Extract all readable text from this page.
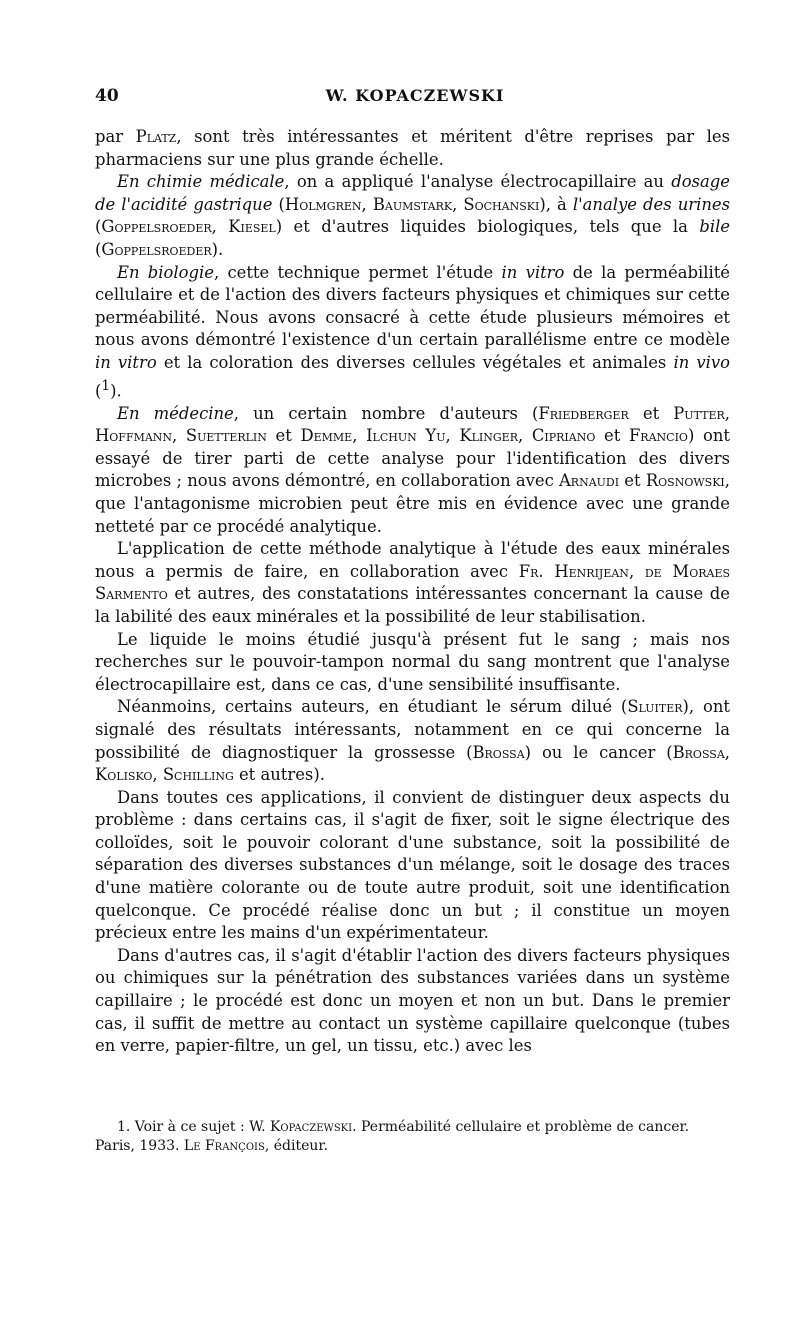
40	W. KOPACZEWSKI

par Platz, sont très intéressantes et méritent d'être reprises par les pharmaciens sur une plus grande échelle.

En chimie médicale, on a appliqué l'analyse électrocapillaire au dosage de l'acidité gastrique (Holmgren, Baumstark, Sochanski), à l'analye des urines (Goppelsroeder, Kiesel) et d'autres liquides biologiques, tels que la bile (Goppelsroeder).

En biologie, cette technique permet l'étude in vitro de la perméabilité cellulaire et de l'action des divers facteurs physiques et chimiques sur cette perméabilité. Nous avons consacré à cette étude plusieurs mémoires et nous avons démontré l'existence d'un certain parallélisme entre ce modèle in vitro et la coloration des diverses cellules végétales et animales in vivo ($^1$).

En médecine, un certain nombre d'auteurs (Friedberger et Putter, Hoffmann, Suetterlin et Demme, Ilchun Yu, Klinger, Cipriano et Francio) ont essayé de tirer parti de cette analyse pour l'identification des divers microbes ; nous avons démontré, en collaboration avec Arnaudi et Rosnowski, que l'antagonisme microbien peut être mis en évidence avec une grande netteté par ce procédé analytique.

L'application de cette méthode analytique à l'étude des eaux minérales nous a permis de faire, en collaboration avec Fr. Henrijean, de Moraes Sarmento et autres, des constatations intéressantes concernant la cause de la labilité des eaux minérales et la possibilité de leur stabilisation.

Le liquide le moins étudié jusqu'à présent fut le sang ; mais nos recherches sur le pouvoir-tampon normal du sang montrent que l'analyse électrocapillaire est, dans ce cas, d'une sensibilité insuffisante.

Néanmoins, certains auteurs, en étudiant le sérum dilué (Sluiter), ont signalé des résultats intéressants, notamment en ce qui concerne la possibilité de diagnostiquer la grossesse (Brossa) ou le cancer (Brossa, Kolisko, Schilling et autres).

Dans toutes ces applications, il convient de distinguer deux aspects du problème : dans certains cas, il s'agit de fixer, soit le signe électrique des colloïdes, soit le pouvoir colorant d'une substance, soit la possibilité de séparation des diverses substances d'un mélange, soit le dosage des traces d'une matière colorante ou de toute autre produit, soit une identification quelconque. Ce procédé réalise donc un but ; il constitue un moyen précieux entre les mains d'un expérimentateur.

Dans d'autres cas, il s'agit d'établir l'action des divers facteurs physiques ou chimiques sur la pénétration des substances variées dans un système capillaire ; le procédé est donc un moyen et non un but. Dans le premier cas, il suffit de mettre au contact un système capillaire quelconque (tubes en verre, papier-filtre, un gel, un tissu, etc.) avec les

1. Voir à ce sujet : W. Kopaczewski. Perméabilité cellulaire et problème de cancer. Paris, 1933. Le François, éditeur.
